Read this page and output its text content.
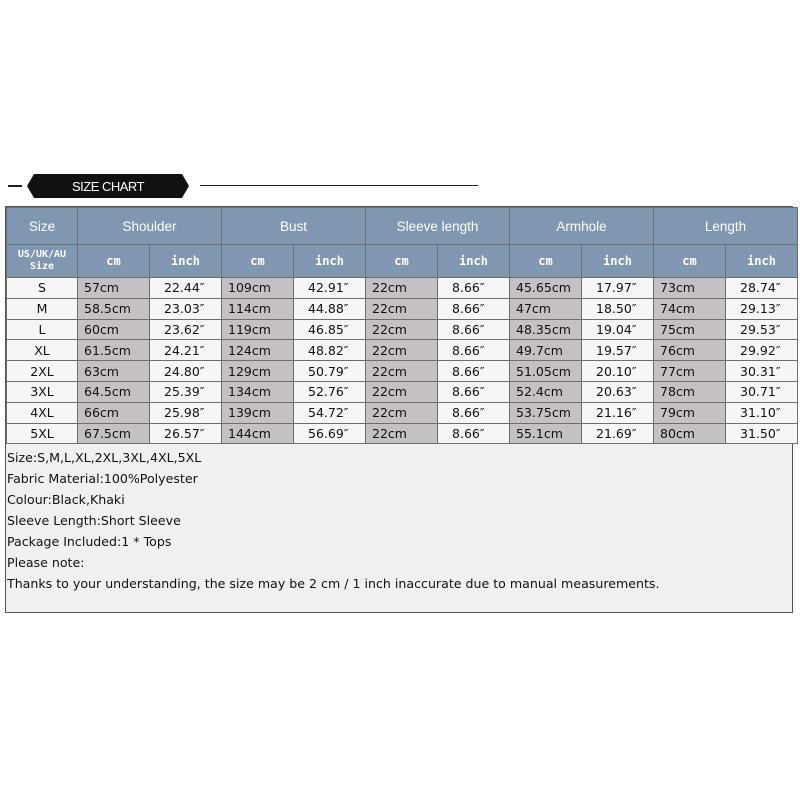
SIZE CHART
Size	Shoulder		Bust		Sleeve length		Armhole		Length	

US/UK/AU
Size	cm	inch	cm	inch	cm	inch	cm	inch	cm	inch
S	57cm	22.44″	109cm	42.91″	22cm	8.66″	45.65cm	17.97″	73cm	28.74″
M	58.5cm	23.03″	114cm	44.88″	22cm	8.66″	47cm	18.50″	74cm	29.13″
L	60cm	23.62″	119cm	46.85″	22cm	8.66″	48.35cm	19.04″	75cm	29.53″
XL	61.5cm	24.21″	124cm	48.82″	22cm	8.66″	49.7cm	19.57″	76cm	29.92″
2XL	63cm	24.80″	129cm	50.79″	22cm	8.66″	51.05cm	20.10″	77cm	30.31″
3XL	64.5cm	25.39″	134cm	52.76″	22cm	8.66″	52.4cm	20.63″	78cm	30.71″
4XL	66cm	25.98″	139cm	54.72″	22cm	8.66″	53.75cm	21.16″	79cm	31.10″
5XL	67.5cm	26.57″	144cm	56.69″	22cm	8.66″	55.1cm	21.69″	80cm	31.50″
Size:S,M,L,XL,2XL,3XL,4XL,5XL
Fabric Material:100%Polyester
Colour:Black,Khaki
Sleeve Length:Short Sleeve
Package Included:1 * Tops
Please note:
Thanks to your understanding, the size may be 2 cm / 1 inch inaccurate due to manual measurements.
